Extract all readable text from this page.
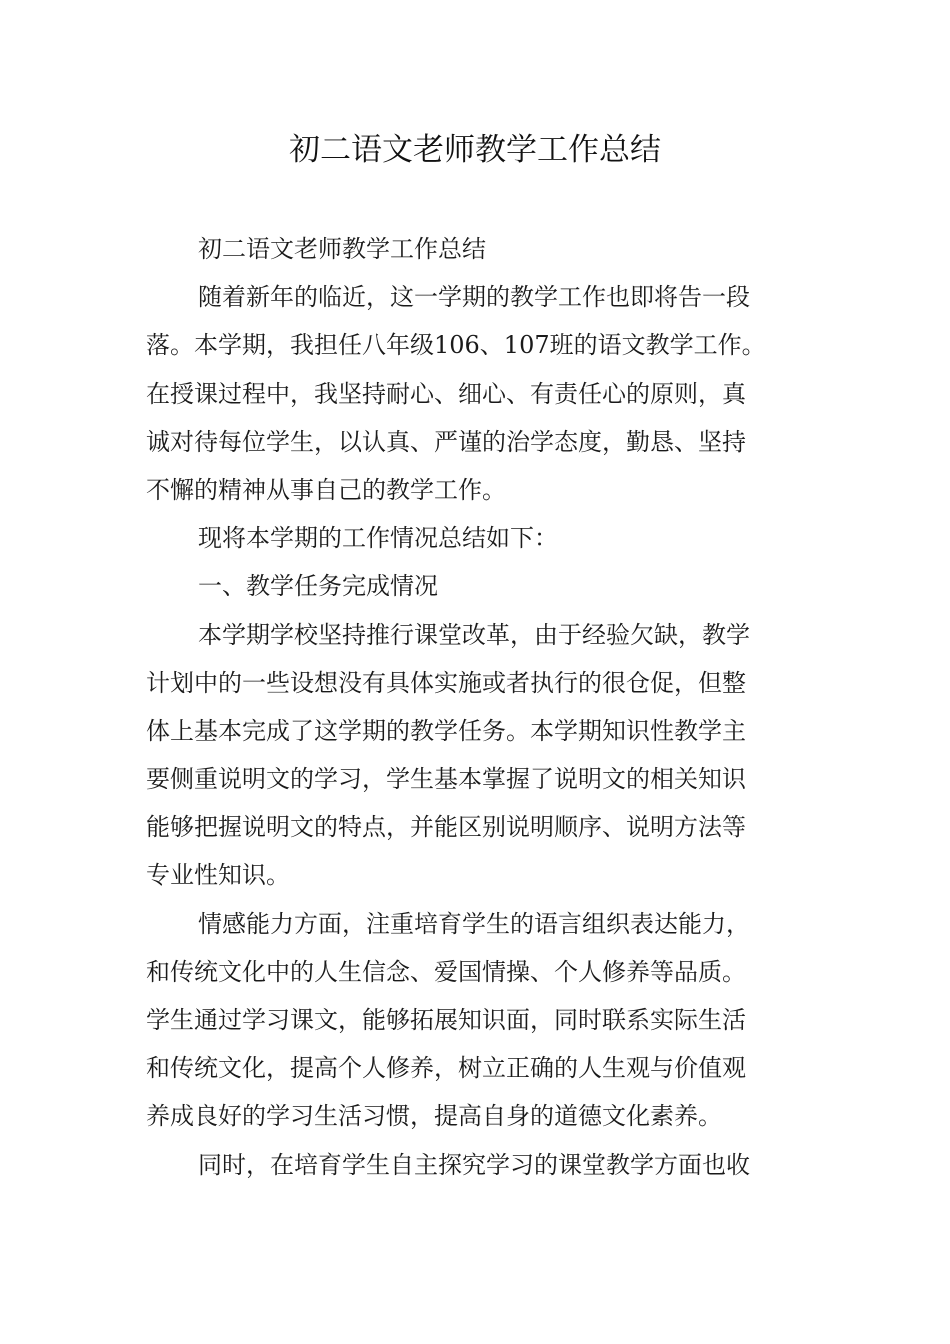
初二语文老师教学工作总结
初二语文老师教学工作总结
随着新年的临近，这一学期的教学工作也即将告一段
落。本学期，我担任八年级106、107班的语文教学工作。
在授课过程中，我坚持耐心、细心、有责任心的原则，真
诚对待每位学生，以认真、严谨的治学态度，勤恳、坚持
不懈的精神从事自己的教学工作。
现将本学期的工作情况总结如下：
一、教学任务完成情况
本学期学校坚持推行课堂改革，由于经验欠缺，教学
计划中的一些设想没有具体实施或者执行的很仓促，但整
体上基本完成了这学期的教学任务。本学期知识性教学主
要侧重说明文的学习，学生基本掌握了说明文的相关知识
能够把握说明文的特点，并能区别说明顺序、说明方法等
专业性知识。
情感能力方面，注重培育学生的语言组织表达能力，
和传统文化中的人生信念、爱国情操、个人修养等品质。
学生通过学习课文，能够拓展知识面，同时联系实际生活
和传统文化，提高个人修养，树立正确的人生观与价值观
养成良好的学习生活习惯，提高自身的道德文化素养。
同时，在培育学生自主探究学习的课堂教学方面也收
